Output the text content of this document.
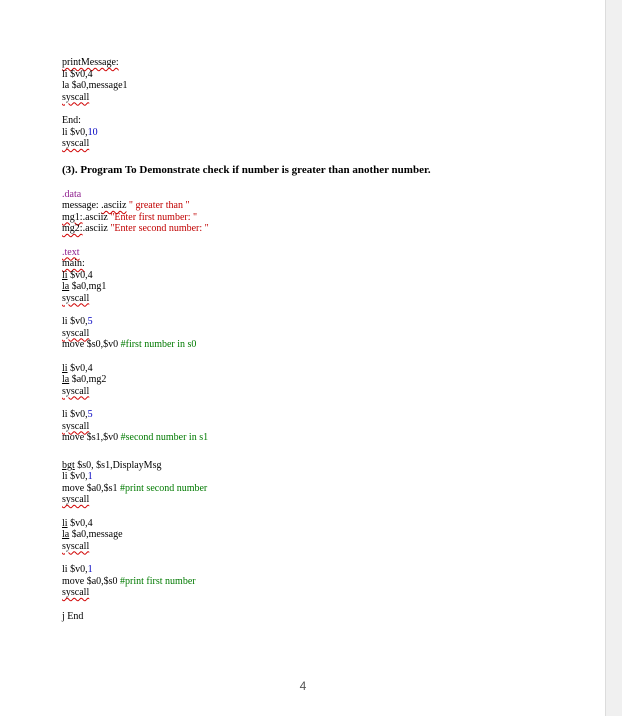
printMessage:
li $v0,4
la $a0,message1
syscall
End:
li $v0,10
syscall
(3). Program To Demonstrate check if number is greater than another number.
.data
message: .asciiz " greater than "
mg1:.asciiz "Enter first number: "
mg2:.asciiz "Enter second number: "
.text
main:
li $v0,4
la $a0,mg1
syscall
li $v0,5
syscall
move $s0,$v0 #first number in s0
li $v0,4
la $a0,mg2
syscall
li $v0,5
syscall
move $s1,$v0 #second number in s1
bgt $s0, $s1,DisplayMsg
li $v0,1
move $a0,$s1 #print second number
syscall
li $v0,4
la $a0,message
syscall
li $v0,1
move $a0,$s0 #print first number
syscall
j End
4
